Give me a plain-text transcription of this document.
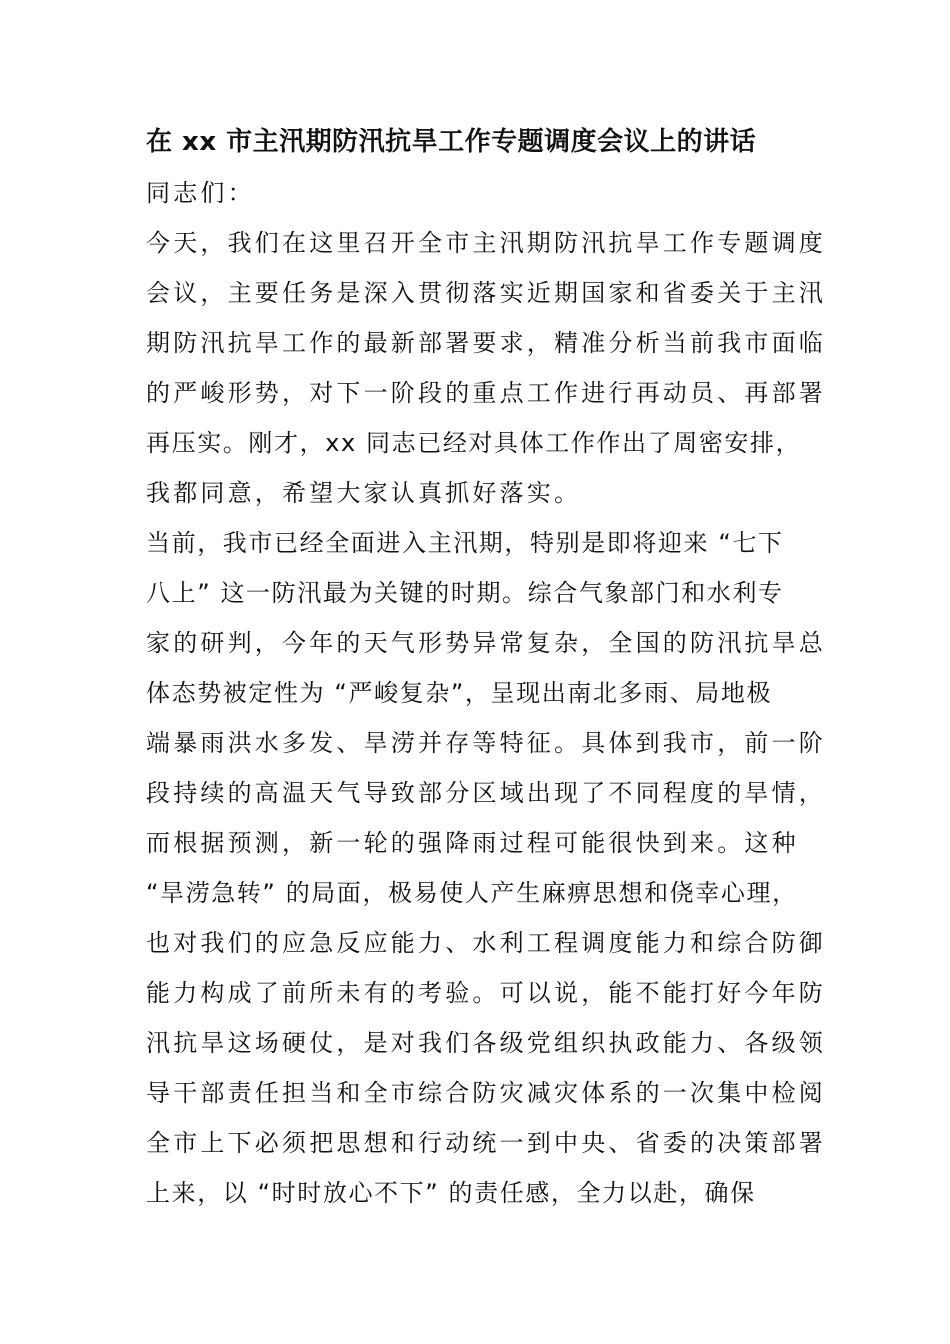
在 xx 市主汛期防汛抗旱工作专题调度会议上的讲话
同志们：
今天，我们在这里召开全市主汛期防汛抗旱工作专题调度
会议，主要任务是深入贯彻落实近期国家和省委关于主汛
期防汛抗旱工作的最新部署要求，精准分析当前我市面临
的严峻形势，对下一阶段的重点工作进行再动员、再部署
再压实。刚才，xx 同志已经对具体工作作出了周密安排，
我都同意，希望大家认真抓好落实。
当前，我市已经全面进入主汛期，特别是即将迎来 “七下
八上” 这一防汛最为关键的时期。综合气象部门和水利专
家的研判，今年的天气形势异常复杂，全国的防汛抗旱总
体态势被定性为 “严峻复杂”，呈现出南北多雨、局地极
端暴雨洪水多发、旱涝并存等特征。具体到我市，前一阶
段持续的高温天气导致部分区域出现了不同程度的旱情，
而根据预测，新一轮的强降雨过程可能很快到来。这种
“旱涝急转” 的局面，极易使人产生麻痹思想和侥幸心理，
也对我们的应急反应能力、水利工程调度能力和综合防御
能力构成了前所未有的考验。可以说，能不能打好今年防
汛抗旱这场硬仗，是对我们各级党组织执政能力、各级领
导干部责任担当和全市综合防灾减灾体系的一次集中检阅
全市上下必须把思想和行动统一到中央、省委的决策部署
上来，以 “时时放心不下” 的责任感，全力以赴，确保
